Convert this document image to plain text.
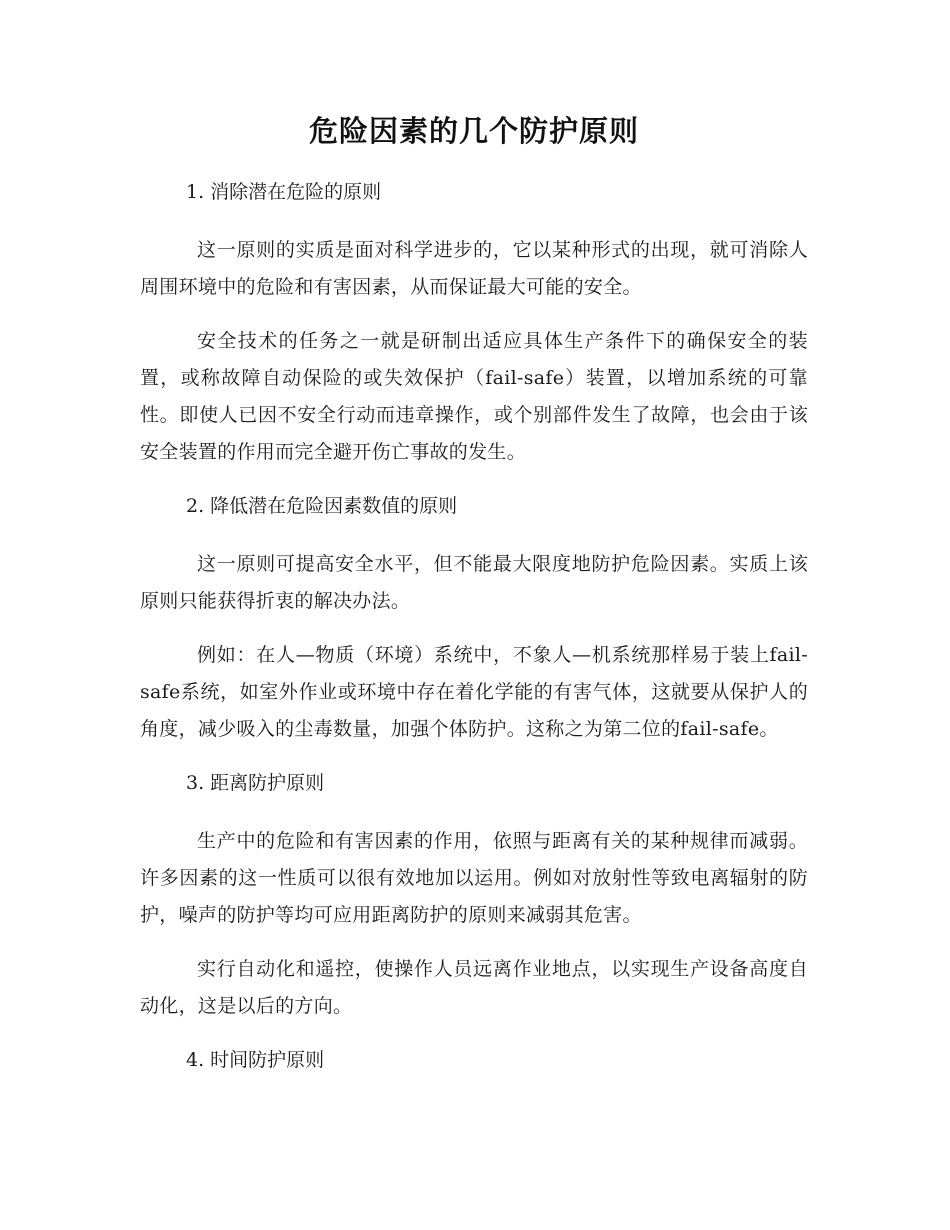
危险因素的几个防护原则

1. 消除潜在危险的原则

这一原则的实质是面对科学进步的，它以某种形式的出现，就可消除人周围环境中的危险和有害因素，从而保证最大可能的安全。

安全技术的任务之一就是研制出适应具体生产条件下的确保安全的装置，或称故障自动保险的或失效保护（fail-safe）装置，以增加系统的可靠性。即使人已因不安全行动而违章操作，或个别部件发生了故障，也会由于该安全装置的作用而完全避开伤亡事故的发生。

2. 降低潜在危险因素数值的原则

这一原则可提高安全水平，但不能最大限度地防护危险因素。实质上该原则只能获得折衷的解决办法。

例如：在人—物质（环境）系统中，不象人—机系统那样易于装上fail-safe系统，如室外作业或环境中存在着化学能的有害气体，这就要从保护人的角度，减少吸入的尘毒数量，加强个体防护。这称之为第二位的fail-safe。

3. 距离防护原则

生产中的危险和有害因素的作用，依照与距离有关的某种规律而减弱。许多因素的这一性质可以很有效地加以运用。例如对放射性等致电离辐射的防护，噪声的防护等均可应用距离防护的原则来减弱其危害。

实行自动化和遥控，使操作人员远离作业地点，以实现生产设备高度自动化，这是以后的方向。

4. 时间防护原则
